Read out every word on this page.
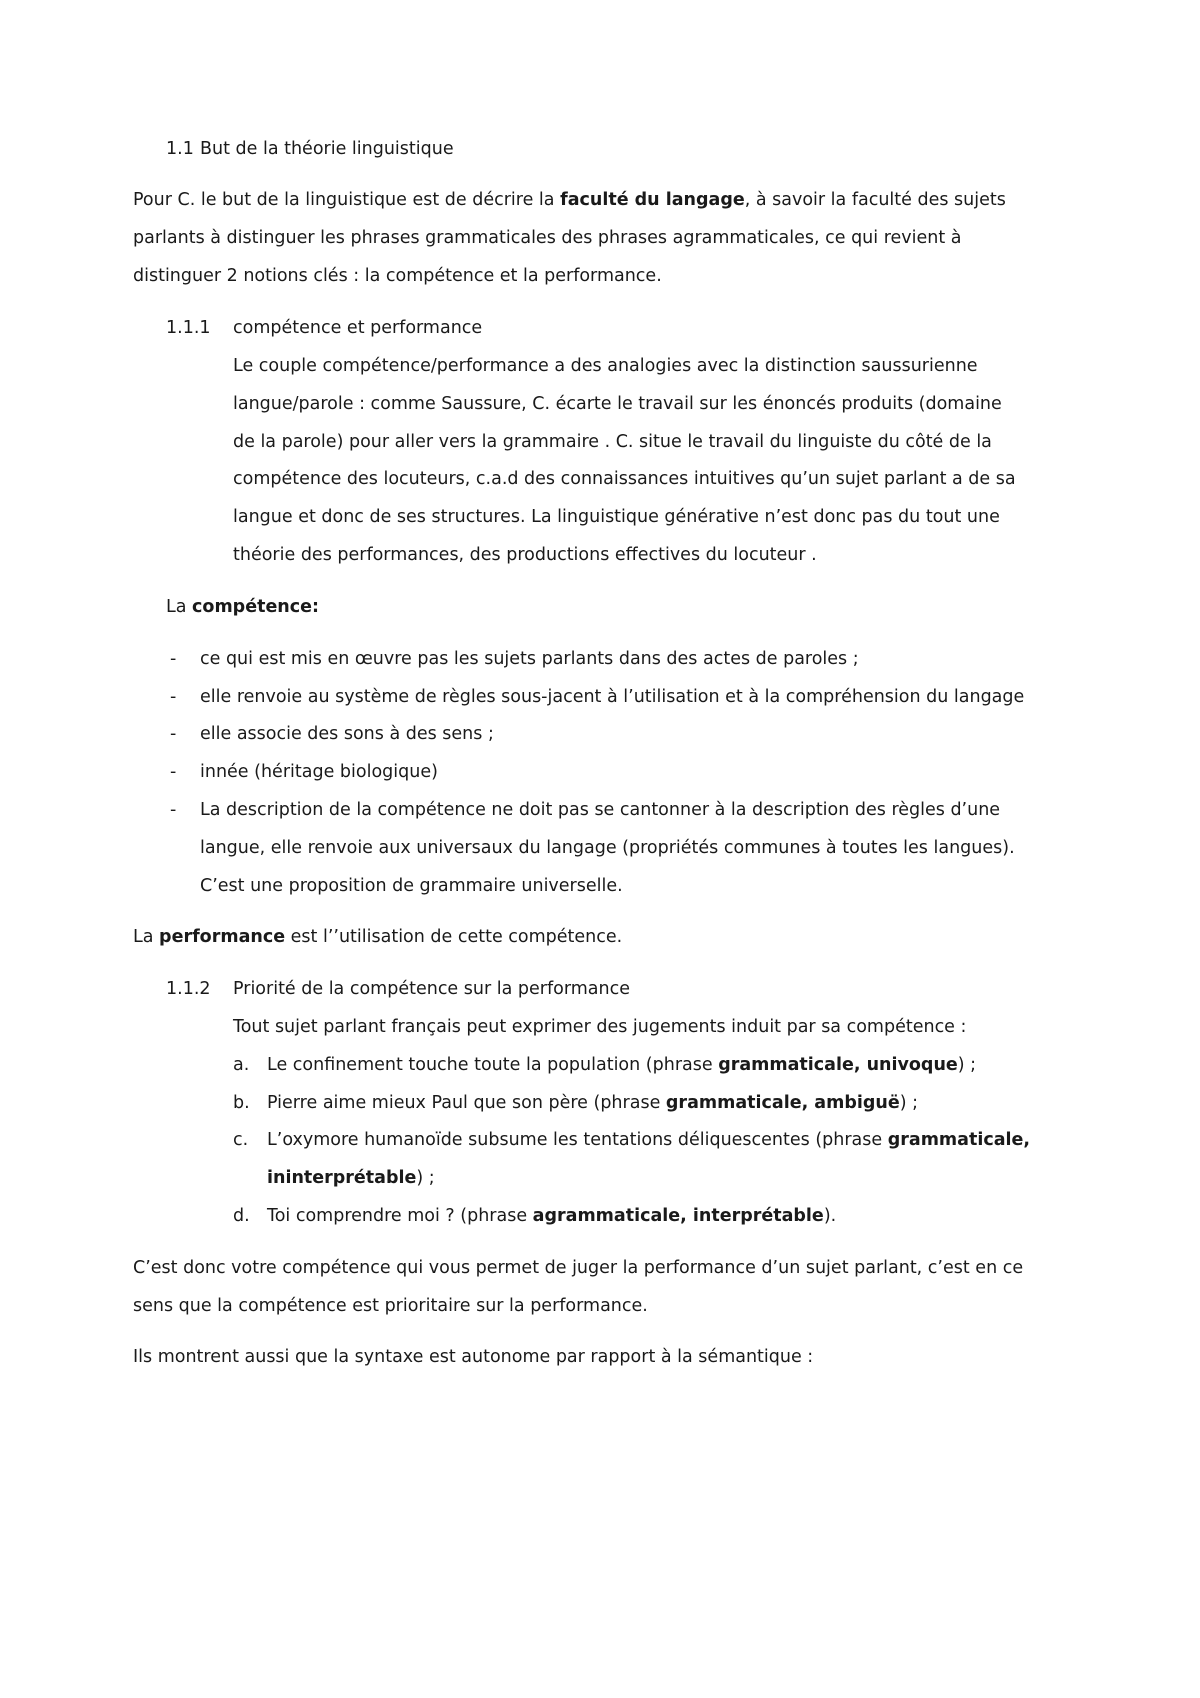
1.1 But de la théorie linguistique
Pour C. le but de la linguistique est de décrire la faculté du langage, à savoir la faculté des sujets
parlants à distinguer les phrases grammaticales des phrases agrammaticales, ce qui revient à
distinguer 2 notions clés : la compétence et la performance.
1.1.1 compétence et performance
Le couple compétence/performance a des analogies avec la distinction saussurienne
langue/parole : comme Saussure, C. écarte le travail sur les énoncés produits (domaine
de la parole) pour aller vers la grammaire . C. situe le travail du linguiste du côté de la
compétence des locuteurs, c.a.d des connaissances intuitives qu’un sujet parlant a de sa
langue et donc de ses structures. La linguistique générative n’est donc pas du tout une
théorie des performances, des productions effectives du locuteur .
La compétence:
- ce qui est mis en œuvre pas les sujets parlants dans des actes de paroles ;
- elle renvoie au système de règles sous-jacent à l’utilisation et à la compréhension du langage
- elle associe des sons à des sens ;
- innée (héritage biologique)
- La description de la compétence ne doit pas se cantonner à la description des règles d’une
langue, elle renvoie aux universaux du langage (propriétés communes à toutes les langues).
C’est une proposition de grammaire universelle.
La performance est l’’utilisation de cette compétence.
1.1.2 Priorité de la compétence sur la performance
Tout sujet parlant français peut exprimer des jugements induit par sa compétence :
a. Le confinement touche toute la population (phrase grammaticale, univoque) ;
b. Pierre aime mieux Paul que son père (phrase grammaticale, ambiguë) ;
c. L’oxymore humanoïde subsume les tentations déliquescentes (phrase grammaticale,
ininterprétable) ;
d. Toi comprendre moi ? (phrase agrammaticale, interprétable).
C’est donc votre compétence qui vous permet de juger la performance d’un sujet parlant, c’est en ce
sens que la compétence est prioritaire sur la performance.
Ils montrent aussi que la syntaxe est autonome par rapport à la sémantique :
